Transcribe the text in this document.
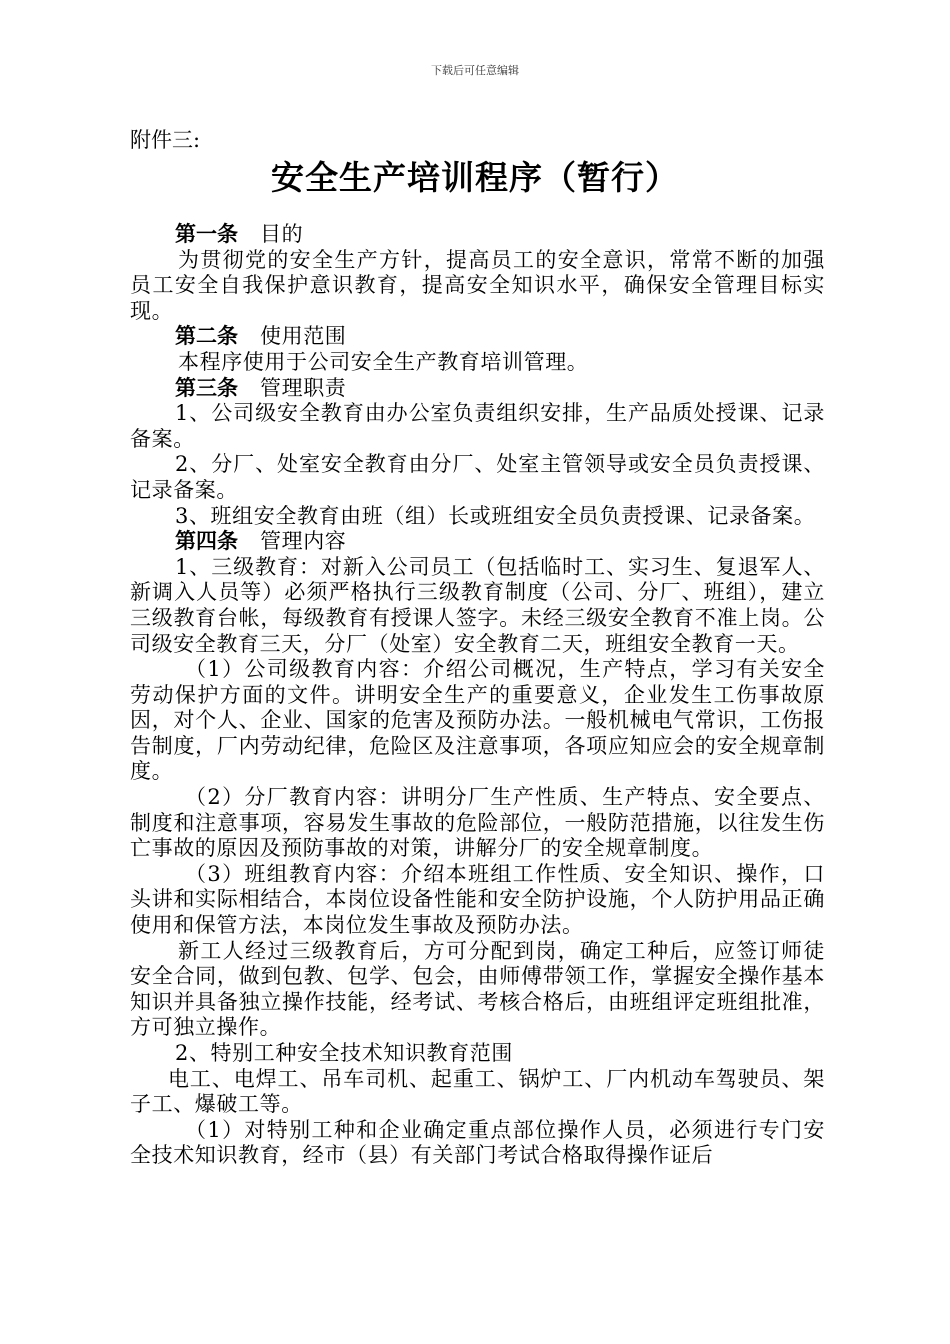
下载后可任意编辑
附件三:
安全生产培训程序（暂行）

第一条 目的

为贯彻党的安全生产方针，提高员工的安全意识，常常不断的加强员工安全自我保护意识教育，提高安全知识水平，确保安全管理目标实现。

第二条 使用范围

本程序使用于公司安全生产教育培训管理。

第三条 管理职责

1、公司级安全教育由办公室负责组织安排，生产品质处授课、记录备案。

2、分厂、处室安全教育由分厂、处室主管领导或安全员负责授课、记录备案。

3、班组安全教育由班（组）长或班组安全员负责授课、记录备案。

第四条 管理内容

1、三级教育：对新入公司员工（包括临时工、实习生、复退军人、新调入人员等）必须严格执行三级教育制度（公司、分厂、班组），建立三级教育台帐，每级教育有授课人签字。未经三级安全教育不准上岗。公司级安全教育三天，分厂（处室）安全教育二天，班组安全教育一天。

（1）公司级教育内容：介绍公司概况，生产特点，学习有关安全劳动保护方面的文件。讲明安全生产的重要意义，企业发生工伤事故原因，对个人、企业、国家的危害及预防办法。一般机械电气常识，工伤报告制度，厂内劳动纪律，危险区及注意事项，各项应知应会的安全规章制度。

（2）分厂教育内容：讲明分厂生产性质、生产特点、安全要点、制度和注意事项，容易发生事故的危险部位，一般防范措施，以往发生伤亡事故的原因及预防事故的对策，讲解分厂的安全规章制度。

（3）班组教育内容：介绍本班组工作性质、安全知识、操作，口头讲和实际相结合，本岗位设备性能和安全防护设施，个人防护用品正确使用和保管方法，本岗位发生事故及预防办法。

新工人经过三级教育后，方可分配到岗，确定工种后，应签订师徒安全合同，做到包教、包学、包会，由师傅带领工作，掌握安全操作基本知识并具备独立操作技能，经考试、考核合格后，由班组评定班组批准，方可独立操作。

2、特别工种安全技术知识教育范围

电工、电焊工、吊车司机、起重工、锅炉工、厂内机动车驾驶员、架子工、爆破工等。

（1）对特别工种和企业确定重点部位操作人员，必须进行专门安全技术知识教育，经市（县）有关部门考试合格取得操作证后
